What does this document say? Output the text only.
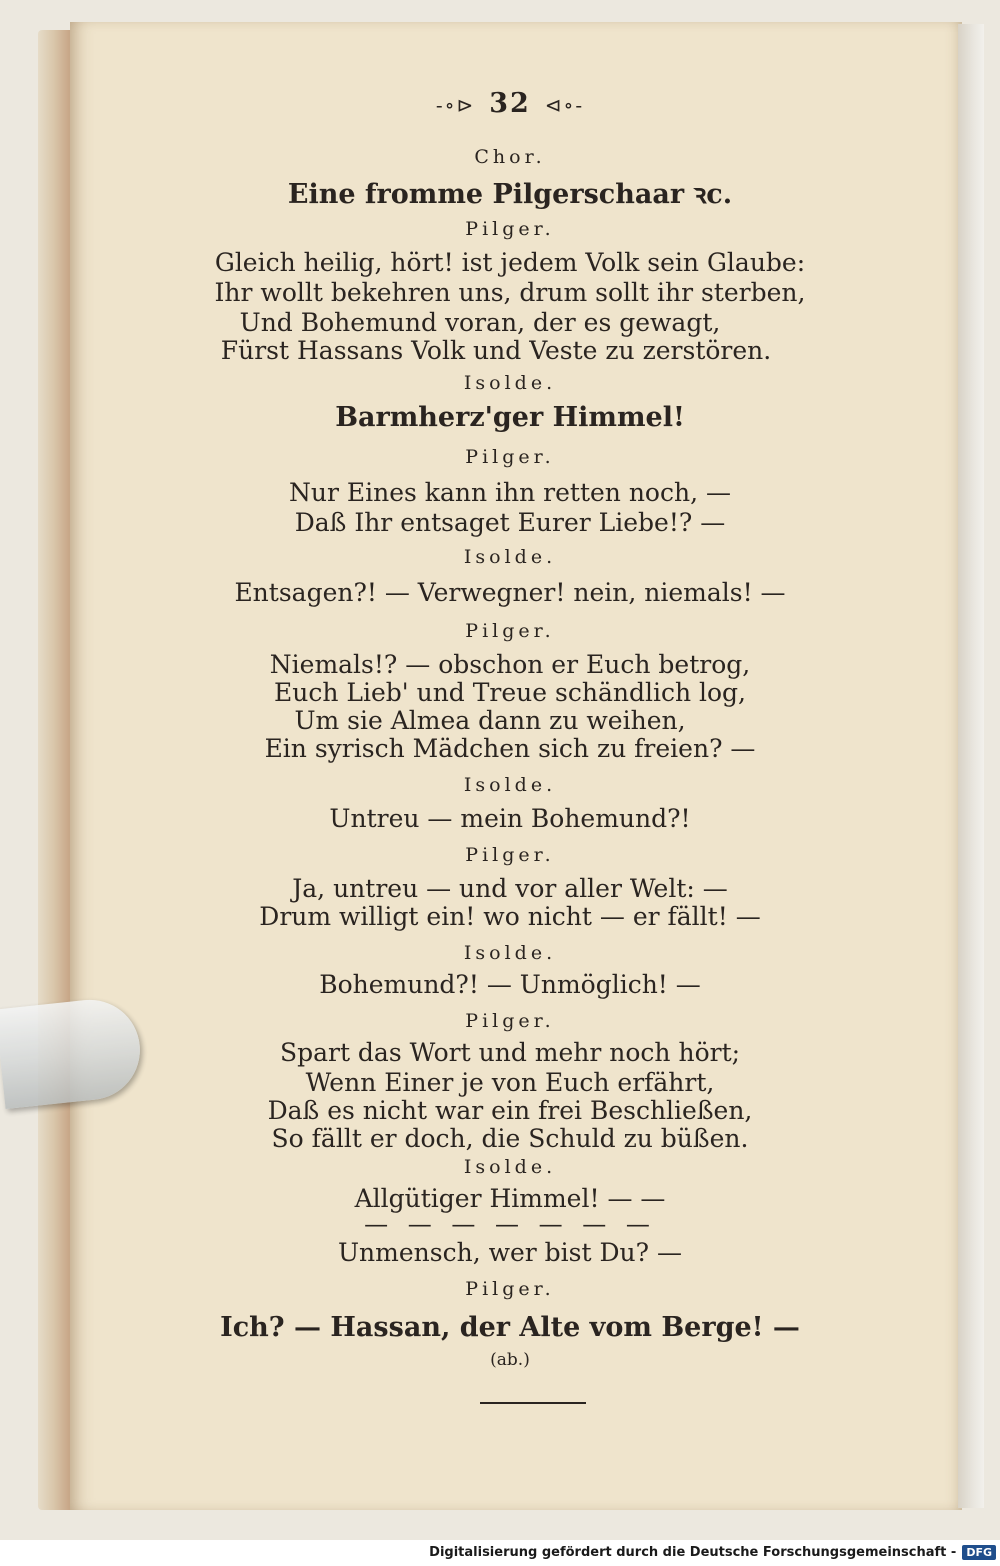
-∘⊳ 32 ⊲∘-
Chor.
Eine fromme Pilgerschaar ꝛc.
Pilger.
Gleich heilig, hört! ist jedem Volk sein Glaube:
Ihr wollt bekehren uns, drum sollt ihr sterben,
Und Bohemund voran, der es gewagt,
Fürst Hassans Volk und Veste zu zerstören.
Isolde.
Barmherz'ger Himmel!
Pilger.
Nur Eines kann ihn retten noch, —
Daß Ihr entsaget Eurer Liebe!? —
Isolde.
Entsagen?! — Verwegner! nein, niemals! —
Pilger.
Niemals!? — obschon er Euch betrog,
Euch Lieb' und Treue schändlich log,
Um sie Almea dann zu weihen,
Ein syrisch Mädchen sich zu freien? —
Isolde.
Untreu — mein Bohemund?!
Pilger.
Ja, untreu — und vor aller Welt: —
Drum willigt ein! wo nicht — er fällt! —
Isolde.
Bohemund?! — Unmöglich! —
Pilger.
Spart das Wort und mehr noch hört;
Wenn Einer je von Euch erfährt,
Daß es nicht war ein frei Beschließen,
So fällt er doch, die Schuld zu büßen.
Isolde.
Allgütiger Himmel! — —
— — — — — — —
Unmensch, wer bist Du? —
Pilger.
Ich? — Hassan, der Alte vom Berge! —
(ab.)
Digitalisierung gefördert durch die Deutsche Forschungsgemeinschaft - DFG
